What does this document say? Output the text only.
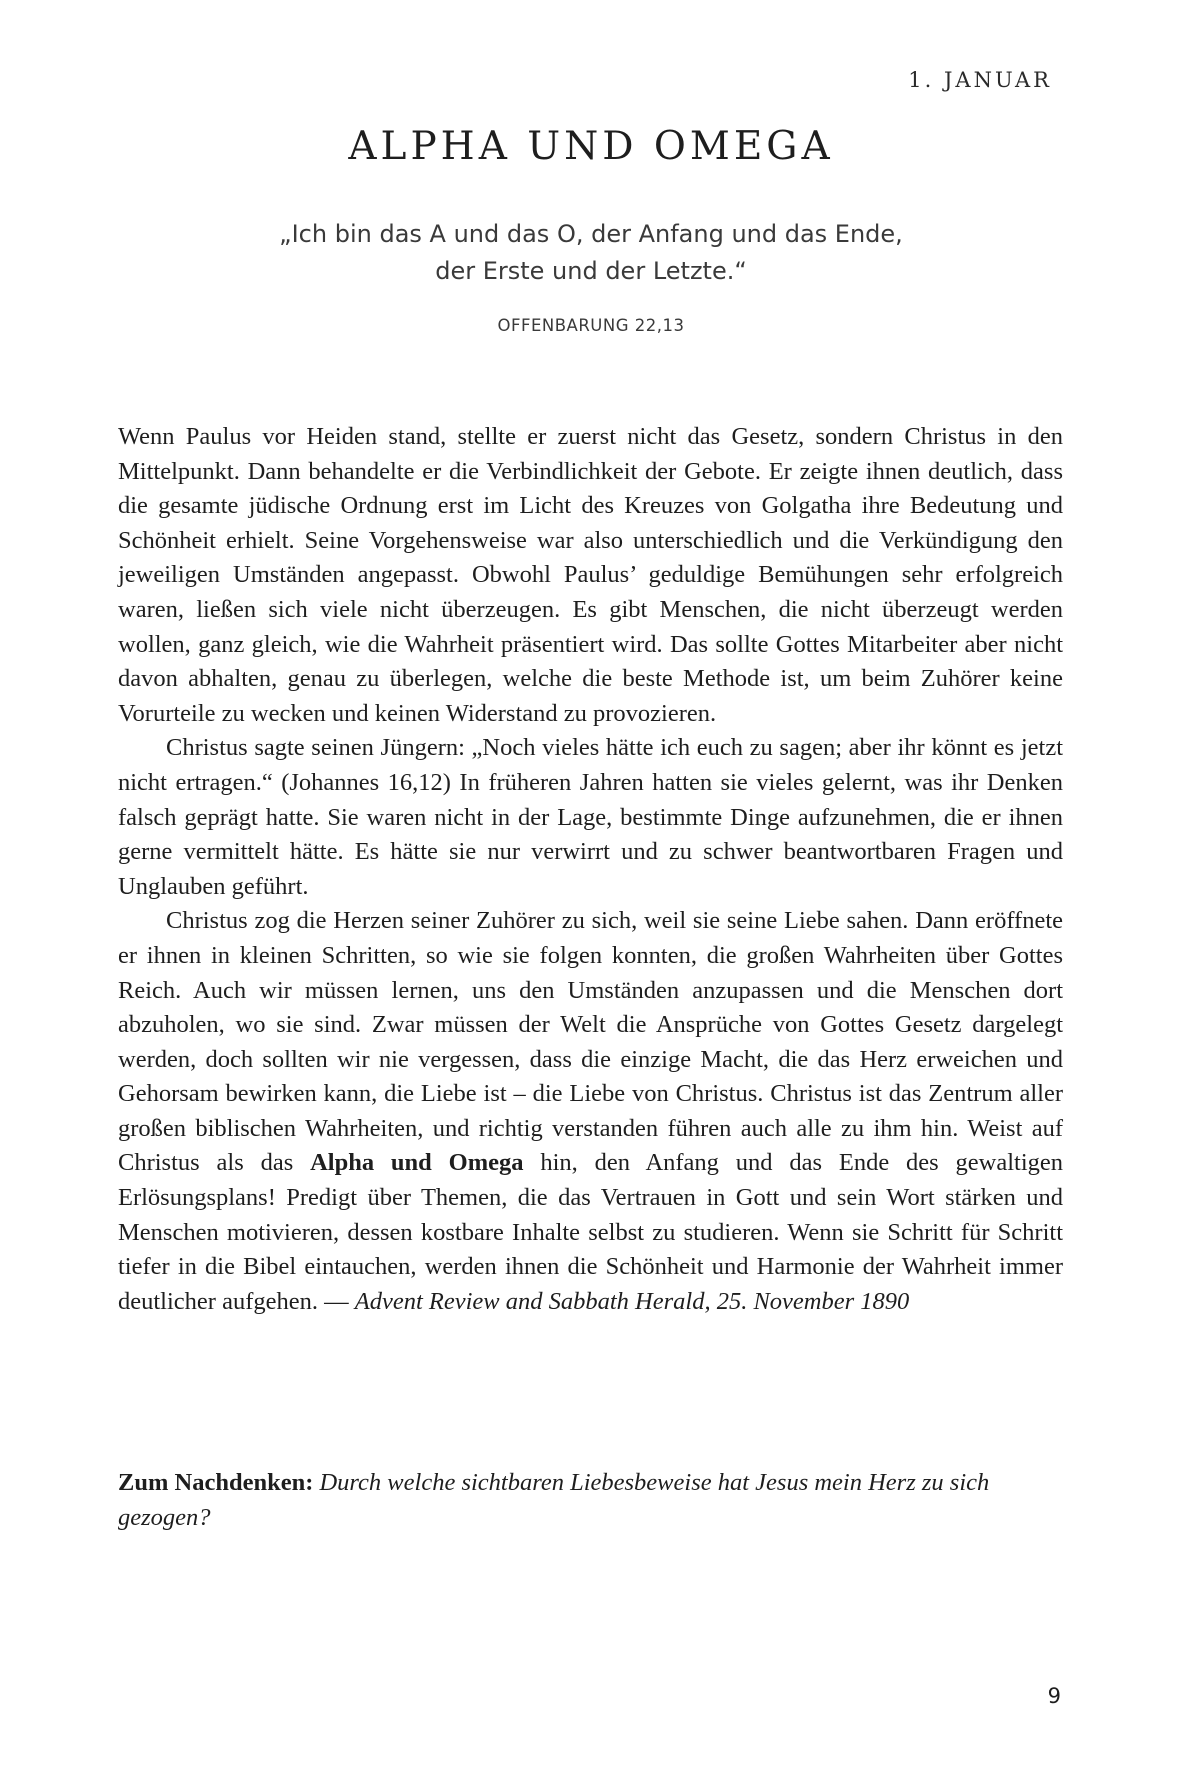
1. JANUAR
ALPHA UND OMEGA
„Ich bin das A und das O, der Anfang und das Ende,
der Erste und der Letzte.“
OFFENBARUNG 22,13

Wenn Paulus vor Heiden stand, stellte er zuerst nicht das Gesetz, sondern Christus in den Mittelpunkt. Dann behandelte er die Verbindlichkeit der Gebote. Er zeigte ihnen deutlich, dass die gesamte jüdische Ordnung erst im Licht des Kreuzes von Golgatha ihre Bedeutung und Schönheit erhielt. Seine Vorgehensweise war also unterschiedlich und die Verkündigung den jeweiligen Umständen angepasst. Obwohl Paulus’ geduldige Bemühungen sehr erfolgreich waren, ließen sich viele nicht überzeugen. Es gibt Menschen, die nicht überzeugt werden wollen, ganz gleich, wie die Wahrheit präsentiert wird. Das sollte Gottes Mitarbeiter aber nicht davon abhalten, genau zu überlegen, welche die beste Methode ist, um beim Zuhörer keine Vorurteile zu wecken und keinen Widerstand zu provozieren.

Christus sagte seinen Jüngern: „Noch vieles hätte ich euch zu sagen; aber ihr könnt es jetzt nicht ertragen.“ (Johannes 16,12) In früheren Jahren hatten sie vieles gelernt, was ihr Denken falsch geprägt hatte. Sie waren nicht in der Lage, bestimmte Dinge aufzunehmen, die er ihnen gerne vermittelt hätte. Es hätte sie nur verwirrt und zu schwer beantwortbaren Fragen und Unglauben geführt.

Christus zog die Herzen seiner Zuhörer zu sich, weil sie seine Liebe sahen. Dann eröffnete er ihnen in kleinen Schritten, so wie sie folgen konnten, die großen Wahrheiten über Gottes Reich. Auch wir müssen lernen, uns den Umständen anzupassen und die Menschen dort abzuholen, wo sie sind. Zwar müssen der Welt die Ansprüche von Gottes Gesetz dargelegt werden, doch sollten wir nie vergessen, dass die einzige Macht, die das Herz erweichen und Gehorsam bewirken kann, die Liebe ist – die Liebe von Christus. Christus ist das Zentrum aller großen biblischen Wahrheiten, und richtig verstanden führen auch alle zu ihm hin. Weist auf Christus als das Alpha und Omega hin, den Anfang und das Ende des gewaltigen Erlösungsplans! Predigt über Themen, die das Vertrauen in Gott und sein Wort stärken und Menschen motivieren, dessen kostbare Inhalte selbst zu studieren. Wenn sie Schritt für Schritt tiefer in die Bibel eintauchen, werden ihnen die Schönheit und Harmonie der Wahrheit immer deutlicher aufgehen. — Advent Review and Sabbath Herald, 25. November 1890

Zum Nachdenken: Durch welche sichtbaren Liebesbeweise hat Jesus mein Herz zu sich gezogen?
9
